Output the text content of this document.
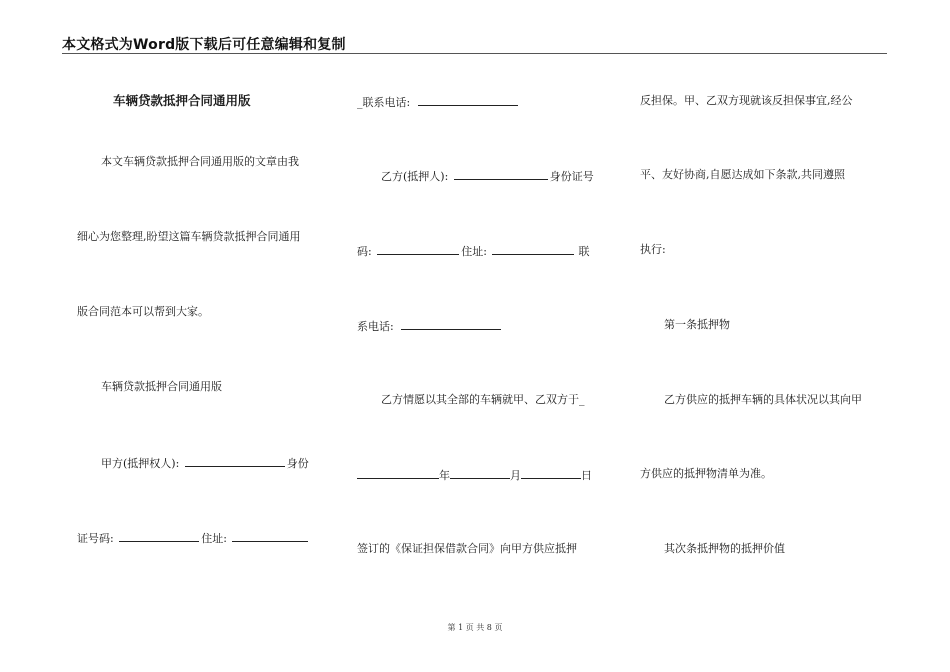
本文格式为Word版下载后可任意编辑和复制
车辆贷款抵押合同通用版
本文车辆贷款抵押合同通用版的文章由我
细心为您整理,盼望这篇车辆贷款抵押合同通用
版合同范本可以帮到大家。
车辆贷款抵押合同通用版
甲方(抵押权人):	身份
证号码:	住址:
_联系电话:
乙方(抵押人):	身份证号
码:	住址:	联
系电话:
乙方情愿以其全部的车辆就甲、乙双方于_
年	月	日
签订的《保证担保借款合同》向甲方供应抵押
反担保。甲、乙双方现就该反担保事宜,经公
平、友好协商,自愿达成如下条款,共同遵照
执行:
第一条抵押物
乙方供应的抵押车辆的具体状况以其向甲
方供应的抵押物清单为准。
其次条抵押物的抵押价值
第 1 页 共 8 页
